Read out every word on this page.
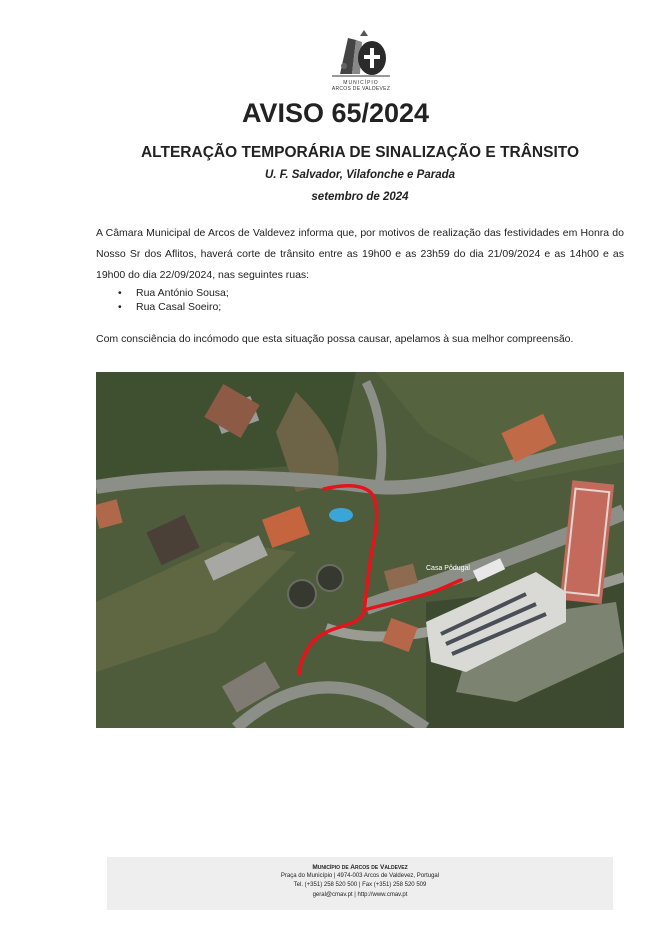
MUNICÍPIO
ARCOS DE VALDEVEZ
AVISO 65/2024
ALTERAÇÃO TEMPORÁRIA DE SINALIZAÇÃO E TRÂNSITO
U. F. Salvador, Vilafonche e Parada
setembro de 2024
A Câmara Municipal de Arcos de Valdevez informa que, por motivos de realização das festividades em Honra do Nosso Sr dos Aflitos, haverá corte de trânsito entre as 19h00 e as 23h59 do dia 21/09/2024 e as 14h00 e as 19h00 do dia 22/09/2024, nas seguintes ruas:
• Rua António Sousa;
• Rua Casal Soeiro;
Com consciência do incómodo que esta situação possa causar, apelamos à sua melhor compreensão.
Casa Pôdugal
Município de Arcos de Valdevez
Praça do Município | 4974-003 Arcos de Valdevez, Portugal
Tel. (+351) 258 520 500 | Fax (+351) 258 520 509
geral@cmav.pt | http://www.cmav.pt
